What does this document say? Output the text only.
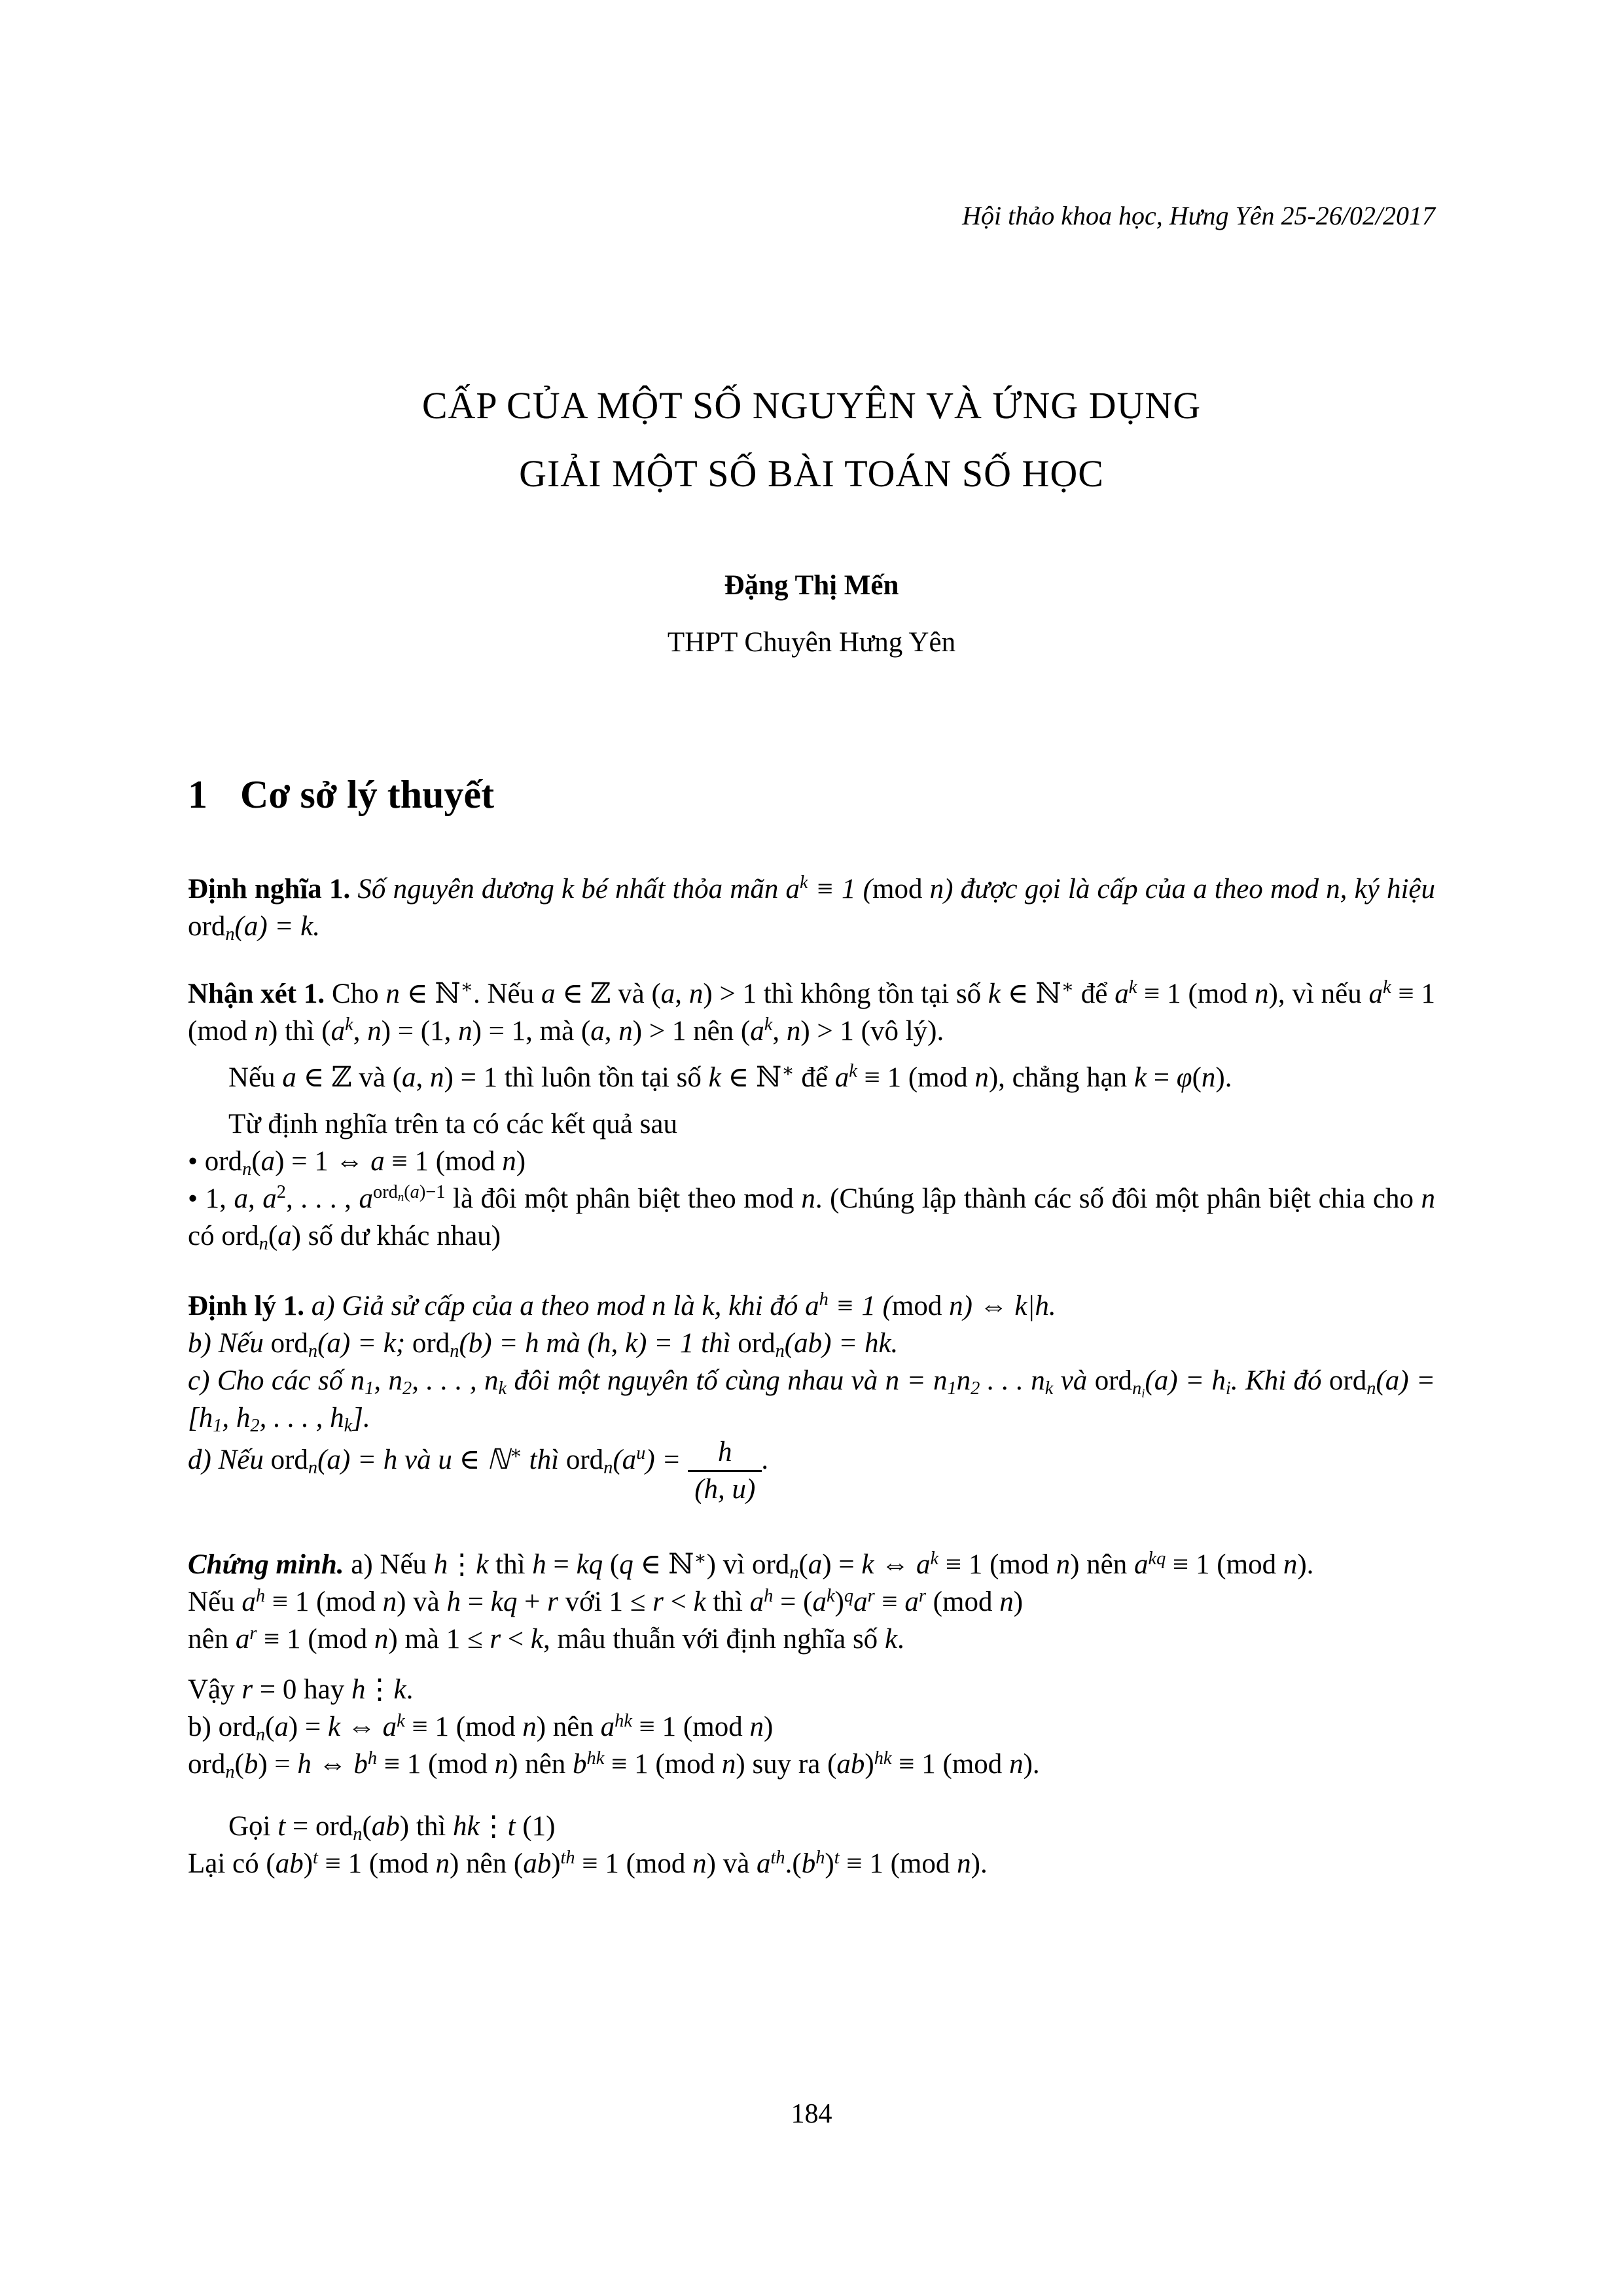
Hội thảo khoa học, Hưng Yên 25-26/02/2017
CẤP CỦA MỘT SỐ NGUYÊN VÀ ỨNG DỤNG
GIẢI MỘT SỐ BÀI TOÁN SỐ HỌC
Đặng Thị Mến
THPT Chuyên Hưng Yên
1 Cơ sở lý thuyết

Định nghĩa 1. Số nguyên dương k bé nhất thỏa mãn $a^k \equiv 1$ (mod n) được gọi là cấp của a theo mod n, ký hiệu ord$_n$(a) = k.

Nhận xét 1. Cho n ∈ ℕ∗. Nếu a ∈ ℤ và (a, n) > 1 thì không tồn tại số k ∈ ℕ∗ để $a^k \equiv 1$ (mod n), vì nếu $a^k \equiv 1$ (mod n) thì ($a^k$, n) = (1, n) = 1, mà (a, n) > 1 nên ($a^k$, n) > 1 (vô lý).

Nếu a ∈ ℤ và (a, n) = 1 thì luôn tồn tại số k ∈ ℕ∗ để $a^k \equiv 1$ (mod n), chẳng hạn k = φ(n).

Từ định nghĩa trên ta có các kết quả sau

• ord$_n$(a) = 1 ⇔ a ≡ 1 (mod n)

• 1, a, $a^2$, . . . , $a^{ord_n(a)-1}$ là đôi một phân biệt theo mod n. (Chúng lập thành các số đôi một phân biệt chia cho n có ord$_n$(a) số dư khác nhau)

Định lý 1. a) Giả sử cấp của a theo mod n là k, khi đó $a^h \equiv 1$ (mod n) ⇔ k|h.
b) Nếu ord$_n$(a) = k; ord$_n$(b) = h mà (h, k) = 1 thì ord$_n$(ab) = hk.
c) Cho các số $n_1$, $n_2$, . . . , $n_k$ đôi một nguyên tố cùng nhau và $n = n_1n_2$ . . . $n_k$ và $ord_{n_i}(a) = h_i$. Khi đó $ord_n(a) = [h_1$, $h_2$, . . . , $h_k$].
d) Nếu ord$_n$(a) = h và u ∈ ℕ∗ thì $ord_n(a^u) = \frac{h}{(h, u)}$ .

Chứng minh. a) Nếu h⋮k thì h = kq (q ∈ ℕ∗) vì ord$_n$(a) = k ⇔ $a^k \equiv 1$ (mod n) nên $a^{kq} \equiv 1$ (mod n).
Nếu $a^h \equiv 1$ (mod n) và h = kq + r với 1 ≤ r < k thì $a^h = (a^k)^qa^r \equiv a^r$ (mod n)
nên $a^r \equiv 1$ (mod n) mà 1 ≤ r < k, mâu thuẫn với định nghĩa số k.

Vậy r = 0 hay h⋮k.
b) ord$_n$(a) = k ⇔ $a^k \equiv 1$ (mod n) nên $a^{hk} \equiv 1$ (mod n)
ord$_n$(b) = h ⇔ $b^h \equiv 1$ (mod n) nên $b^{hk} \equiv 1$ (mod n) suy ra (ab)$^{hk}$ ≡ 1 (mod n).

Gọi t = ord$_n$(ab) thì hk⋮t (1)
Lại có (ab)$^t$ ≡ 1 (mod n) nên (ab)$^{th}$ ≡ 1 (mod n) và $a^{th}.(b^h)^t \equiv 1$ (mod n).

184
